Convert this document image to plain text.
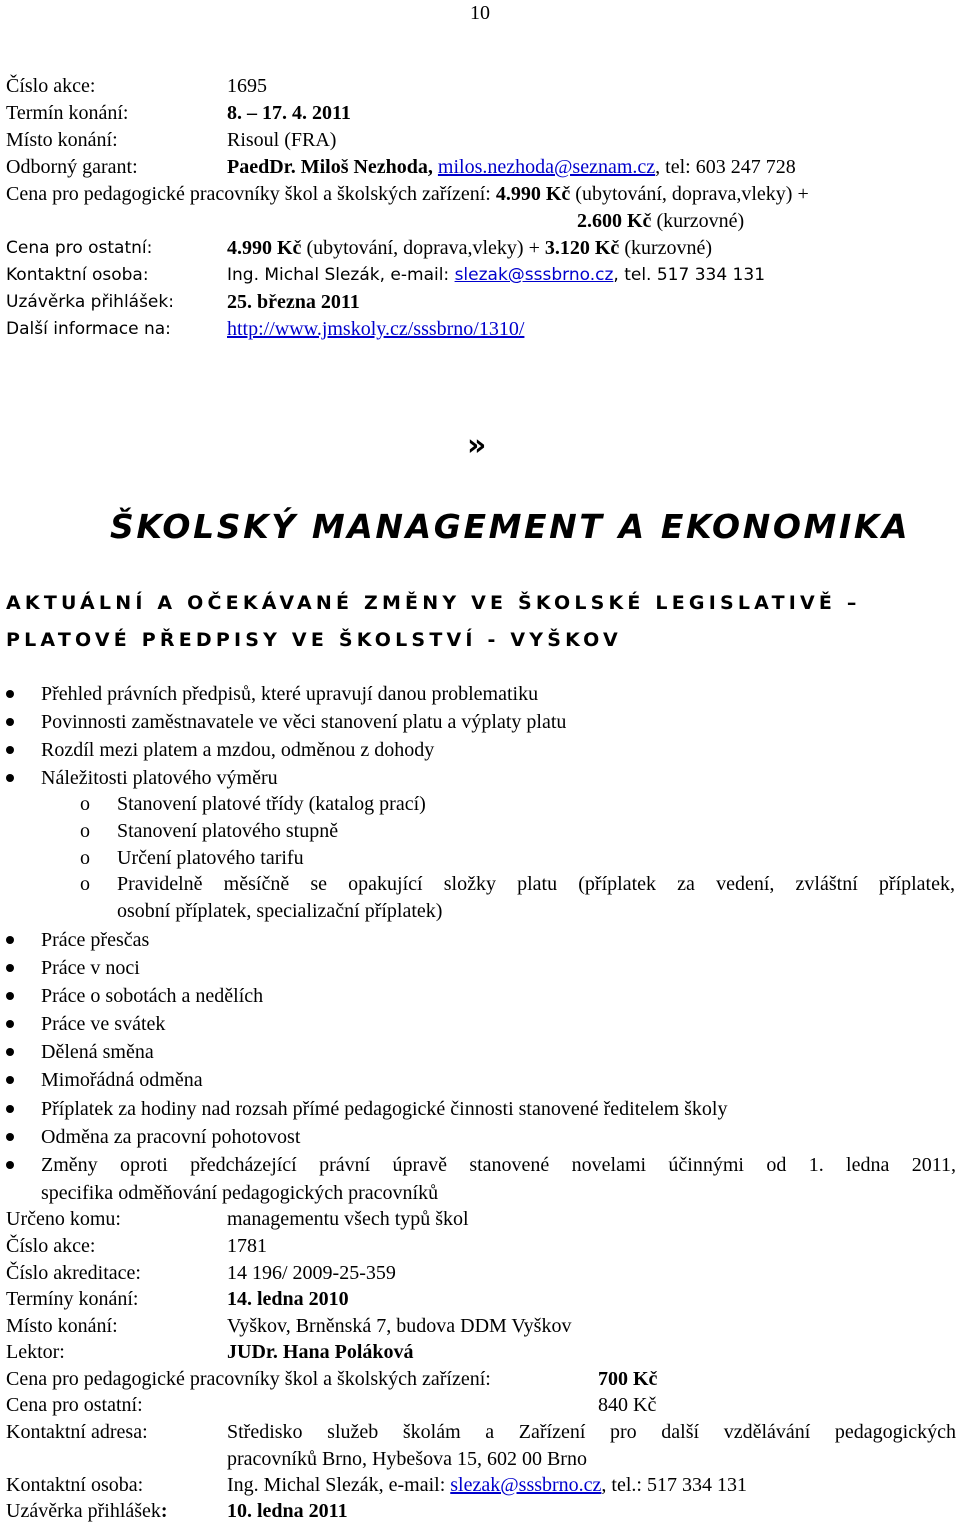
10
Číslo akce:	1695
Termín konání:	8. – 17. 4. 2011
Místo konání:	Risoul (FRA)
Odborný garant:	PaedDr. Miloš Nezhoda, milos.nezhoda@seznam.cz, tel: 603 247 728
Cena pro pedagogické pracovníky škol a školských zařízení: 4.990 Kč (ubytování, doprava,vleky) +
2.600 Kč (kurzovné)
Cena pro ostatní:	4.990 Kč (ubytování, doprava,vleky) + 3.120 Kč (kurzovné)
Kontaktní osoba:	Ing. Michal Slezák, e-mail: slezak@sssbrno.cz, tel. 517 334 131
Uzávěrka přihlášek:	25. března 2011
Další informace na:	http://www.jmskoly.cz/sssbrno/1310/
»
ŠKOLSKÝ MANAGEMENT A EKONOMIKA
AKTUÁLNÍ A OČEKÁVANÉ ZMĚNY VE ŠKOLSKÉ LEGISLATIVĚ –
PLATOVÉ PŘEDPISY VE ŠKOLSTVÍ - VYŠKOV
Přehled právních předpisů, které upravují danou problematiku
Povinnosti zaměstnavatele ve věci stanovení platu a výplaty platu
Rozdíl mezi platem a mzdou, odměnou z dohody
Náležitosti platového výměru
o Stanovení platové třídy (katalog prací)
o Stanovení platového stupně
o Určení platového tarifu
o Pravidelně měsíčně se opakující složky platu (příplatek za vedení, zvláštní příplatek,
osobní příplatek, specializační příplatek)
Práce přesčas
Práce v noci
Práce o sobotách a nedělích
Práce ve svátek
Dělená směna
Mimořádná odměna
Příplatek za hodiny nad rozsah přímé pedagogické činnosti stanovené ředitelem školy
Odměna za pracovní pohotovost
Změny oproti předcházející právní úpravě stanovené novelami účinnými od 1. ledna 2011,
specifika odměňování pedagogických pracovníků
Určeno komu:	managementu všech typů škol
Číslo akce:	1781
Číslo akreditace:	14 196/ 2009-25-359
Termíny konání:	14. ledna 2010
Místo konání:	Vyškov, Brněnská 7, budova DDM Vyškov
Lektor:	JUDr. Hana Poláková
Cena pro pedagogické pracovníky škol a školských zařízení:	700 Kč
Cena pro ostatní:	840 Kč
Kontaktní adresa:	Středisko služeb školám a Zařízení pro další vzdělávání pedagogických
pracovníků Brno, Hybešova 15, 602 00 Brno
Kontaktní osoba:	Ing. Michal Slezák, e-mail: slezak@sssbrno.cz, tel.: 517 334 131
Uzávěrka přihlášek:	10. ledna 2011
